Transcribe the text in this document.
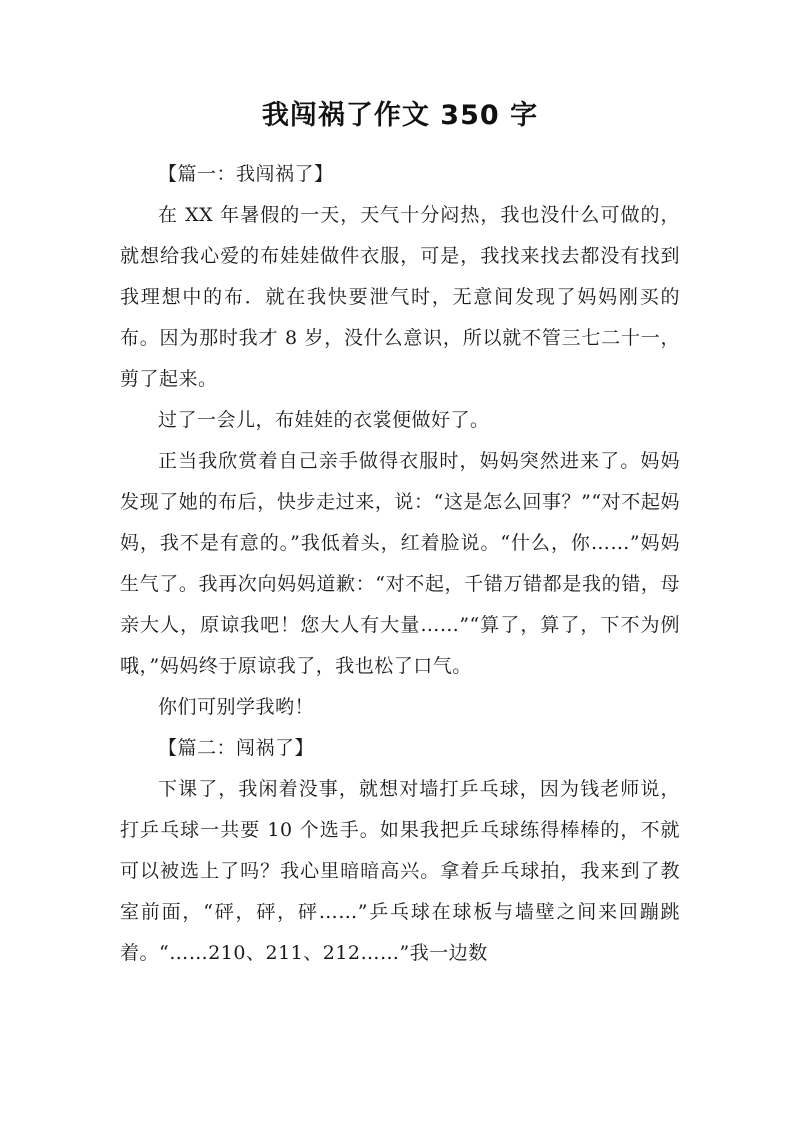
我闯祸了作文 350 字

【篇一：我闯祸了】

在 XX 年暑假的一天，天气十分闷热，我也没什么可做的，就想给我心爱的布娃娃做件衣服，可是，我找来找去都没有找到我理想中的布．就在我快要泄气时，无意间发现了妈妈刚买的布。因为那时我才 8 岁，没什么意识，所以就不管三七二十一，剪了起来。

过了一会儿，布娃娃的衣裳便做好了。

正当我欣赏着自己亲手做得衣服时，妈妈突然进来了。妈妈发现了她的布后，快步走过来，说：“这是怎么回事？”“对不起妈妈，我不是有意的。”我低着头，红着脸说。“什么，你……”妈妈生气了。我再次向妈妈道歉：“对不起，千错万错都是我的错，母亲大人，原谅我吧！您大人有大量……”“算了，算了，下不为例哦，”妈妈终于原谅我了，我也松了口气。

你们可别学我哟！

【篇二：闯祸了】

下课了，我闲着没事，就想对墙打乒乓球，因为钱老师说，打乒乓球一共要 10 个选手。如果我把乒乓球练得棒棒的，不就可以被选上了吗？我心里暗暗高兴。拿着乒乓球拍，我来到了教室前面，“砰，砰，砰……”乒乓球在球板与墙壁之间来回蹦跳着。“……210、211、212……”我一边数
